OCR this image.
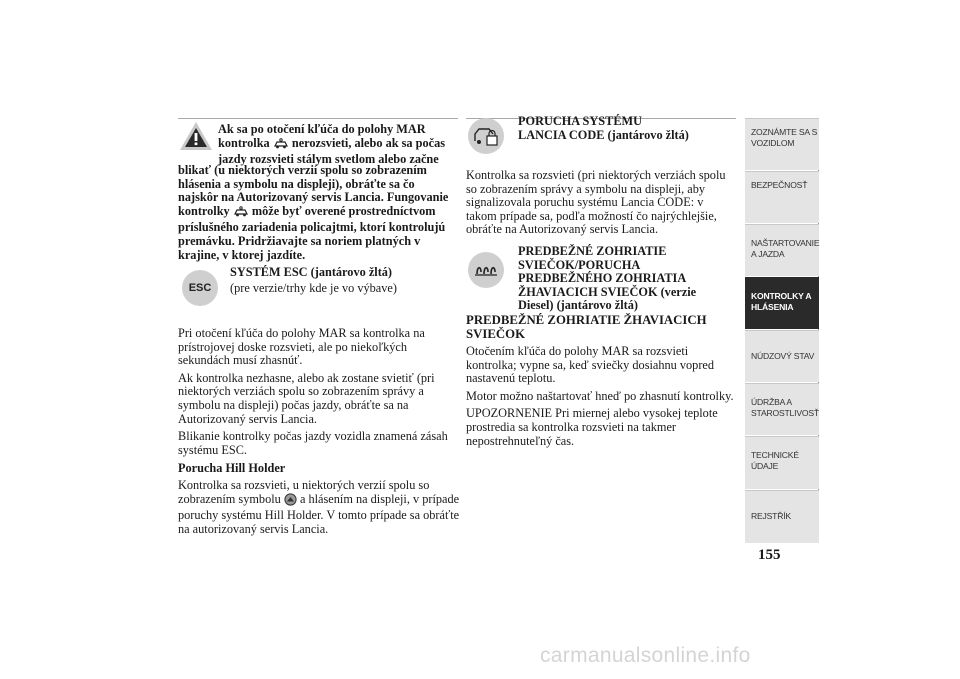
Ak sa po otočení kľúča do polohy MAR

kontrolka nerozsvieti, alebo ak sa počas

jazdy rozsvieti stálym svetlom alebo začne

blikať (u niektorých verzií spolu so zobrazením

hlásenia a symbolu na displeji), obráťte sa čo

najskôr na Autorizovaný servis Lancia. Fungovanie

kontrolky môže byť overené prostredníctvom

príslušného zariadenia policajtmi, ktorí kontrolujú

premávku. Pridržiavajte sa noriem platných v

krajine, v ktorej jazdíte.

ESC
SYSTÉM ESC (jantárovo žltá)
(pre verzie/trhy kde je vo výbave)

Pri otočení kľúča do polohy MAR sa kontrolka na prístrojovej doske rozsvieti, ale po niekoľkých sekundách musí zhasnúť.

Ak kontrolka nezhasne, alebo ak zostane svietiť (pri niektorých verziách spolu so zobrazením správy a symbolu na displeji) počas jazdy, obráťte sa na Autorizovaný servis Lancia.

Blikanie kontrolky počas jazdy vozidla znamená zásah systému ESC.

Porucha Hill Holder

Kontrolka sa rozsvieti, u niektorých verzií spolu so zobrazením symbolu a hlásením na displeji, v prípade poruchy systému Hill Holder. V tomto prípade sa obráťte na autorizovaný servis Lancia.

PORUCHA SYSTÉMU

LANCIA CODE (jantárovo žltá)

Kontrolka sa rozsvieti (pri niektorých verziách spolu so zobrazením správy a symbolu na displeji, aby signalizovala poruchu systému Lancia CODE: v takom prípade sa, podľa možností čo najrýchlejšie, obráťte na Autorizovaný servis Lancia.

PREDBEŽNÉ ZOHRIATIE

SVIEČOK/PORUCHA

PREDBEŽNÉHO ZOHRIATIA

ŽHAVIACICH SVIEČOK (verzie

Diesel) (jantárovo žltá)

PREDBEŽNÉ ZOHRIATIE ŽHAVIACICH

SVIEČOK

Otočením kľúča do polohy MAR sa rozsvieti kontrolka; vypne sa, keď sviečky dosiahnu vopred nastavenú teplotu.

Motor možno naštartovať hneď po zhasnutí kontrolky.

UPOZORNENIE Pri miernej alebo vysokej teplote prostredia sa kontrolka rozsvieti na takmer nepostrehnuteľný čas.

ZOZNÁMTE SA S
VOZIDLOM
BEZPEČNOSŤ
NAŠTARTOVANIE
A JAZDA
KONTROLKY A
HLÁSENIA
NÚDZOVÝ STAV
ÚDRŽBA A
STAROSTLIVOSŤ
TECHNICKÉ
ÚDAJE
REJSTŘÍK
155
carmanualsonline.info
